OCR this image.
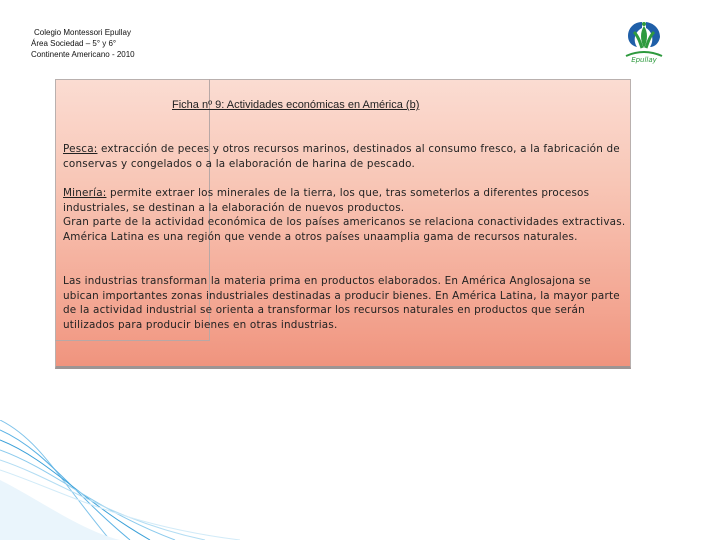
Colegio Montessori Epullay
Área Sociedad – 5° y 6°
Continente Americano - 2010
Epullay
Ficha nº 9: Actividades económicas en América (b)
Pesca: extracción de peces y otros recursos marinos, destinados al consumo fresco, a la fabricación de conservas y congelados o a la elaboración de harina de pescado.
Minería: permite extraer los minerales de la tierra, los que, tras someterlos a diferentes procesos industriales, se destinan a la elaboración de nuevos productos.
Gran parte de la actividad económica de los países americanos se relaciona conactividades extractivas. América Latina es una región que vende a otros países unaamplia gama de recursos naturales.
Las industrias transforman la materia prima en productos elaborados. En América Anglosajona se ubican importantes zonas industriales destinadas a producir bienes. En América Latina, la mayor parte de la actividad industrial se orienta a transformar los recursos naturales en productos que serán utilizados para producir bienes en otras industrias.
